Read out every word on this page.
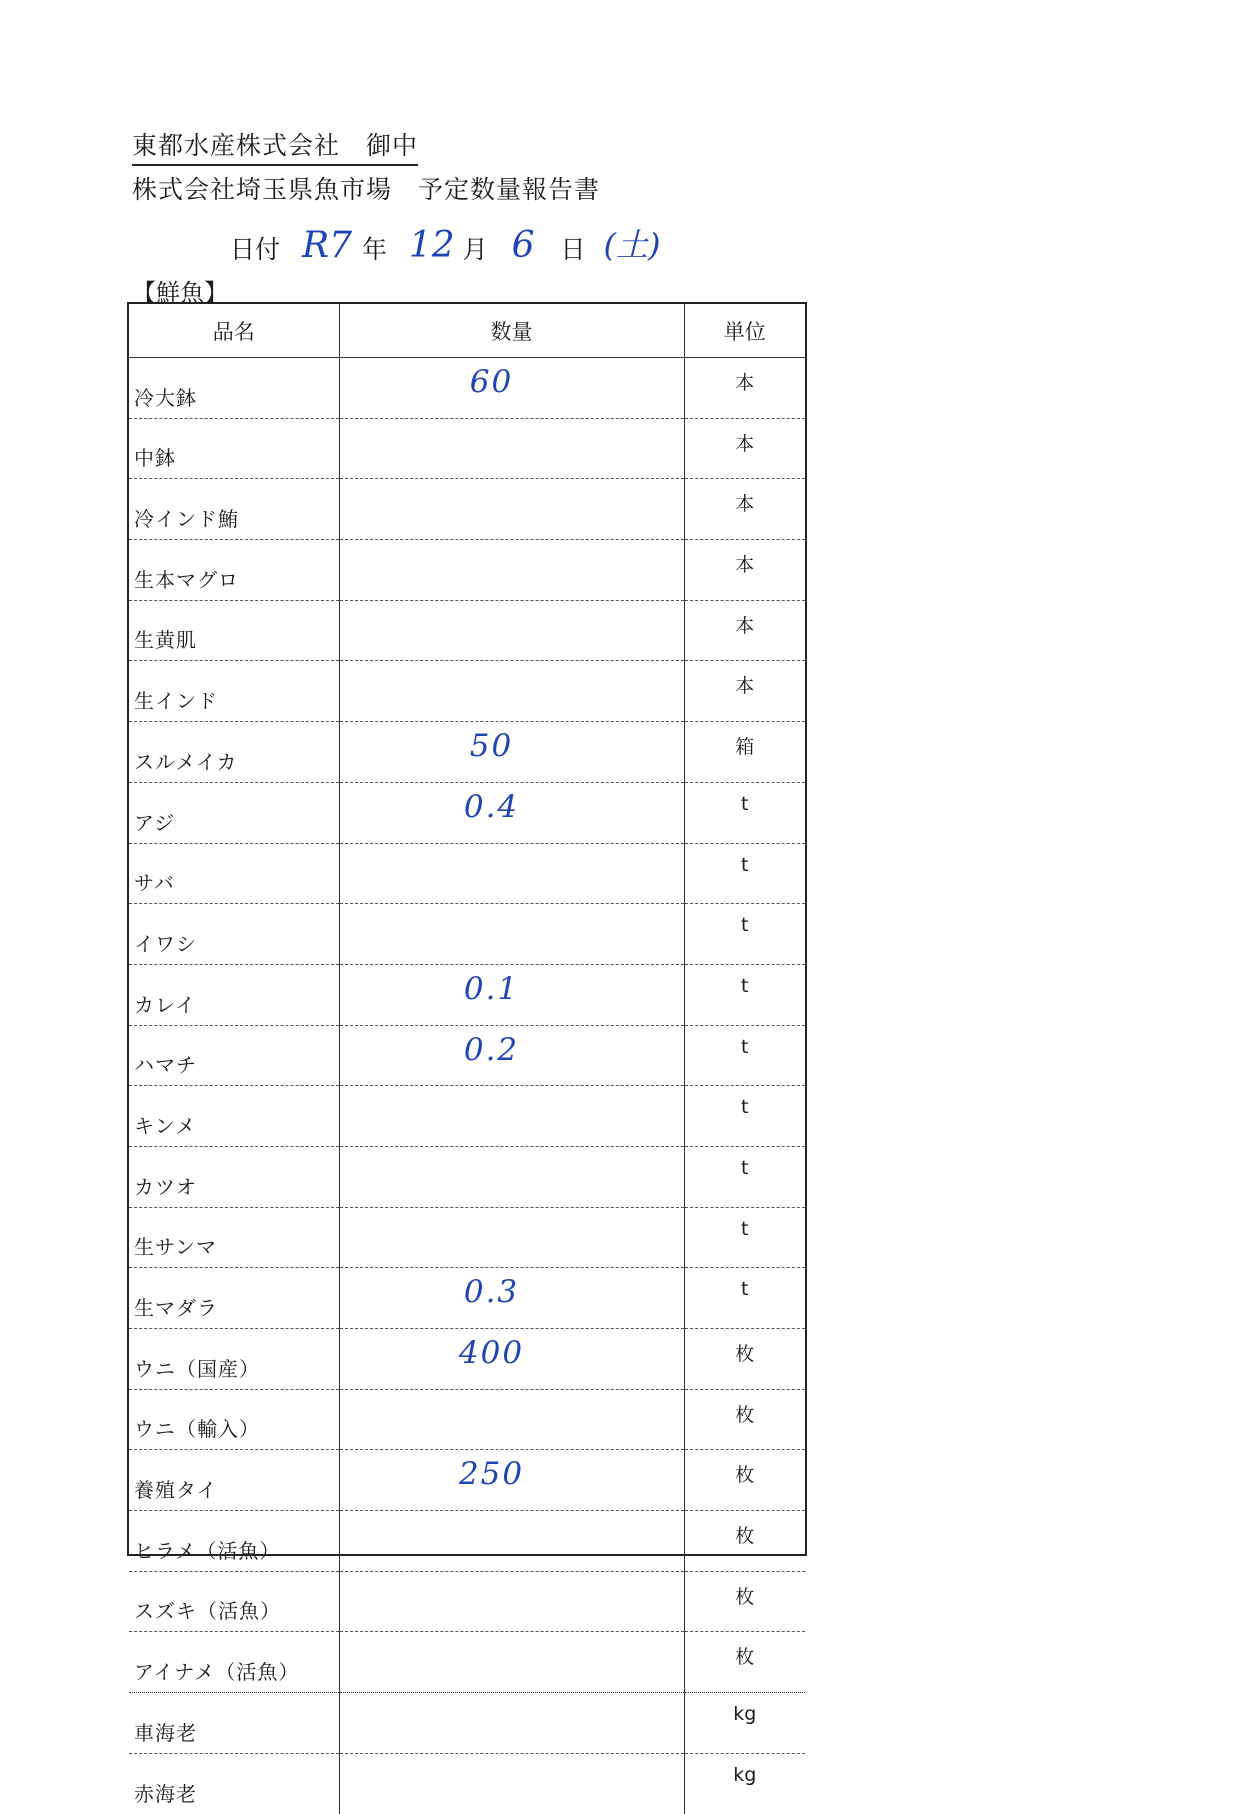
東都水産株式会社　御中
株式会社埼玉県魚市場　予定数量報告書
日付 R7 年 12 月 6 日 (土)
【鮮魚】
品名	数量	単位
冷大鉢	60	本
中鉢		本
冷インド鮪		本
生本マグロ		本
生黄肌		本
生インド		本
スルメイカ	50	箱
アジ	0.4	t
サバ		t
イワシ		t
カレイ	0.1	t
ハマチ	0.2	t
キンメ		t
カツオ		t
生サンマ		t
生マダラ	0.3	t
ウニ（国産）	400	枚
ウニ（輸入）		枚
養殖タイ	250	枚
ヒラメ（活魚）		枚
スズキ（活魚）		枚
アイナメ（活魚）		枚
車海老		kg
赤海老		kg
